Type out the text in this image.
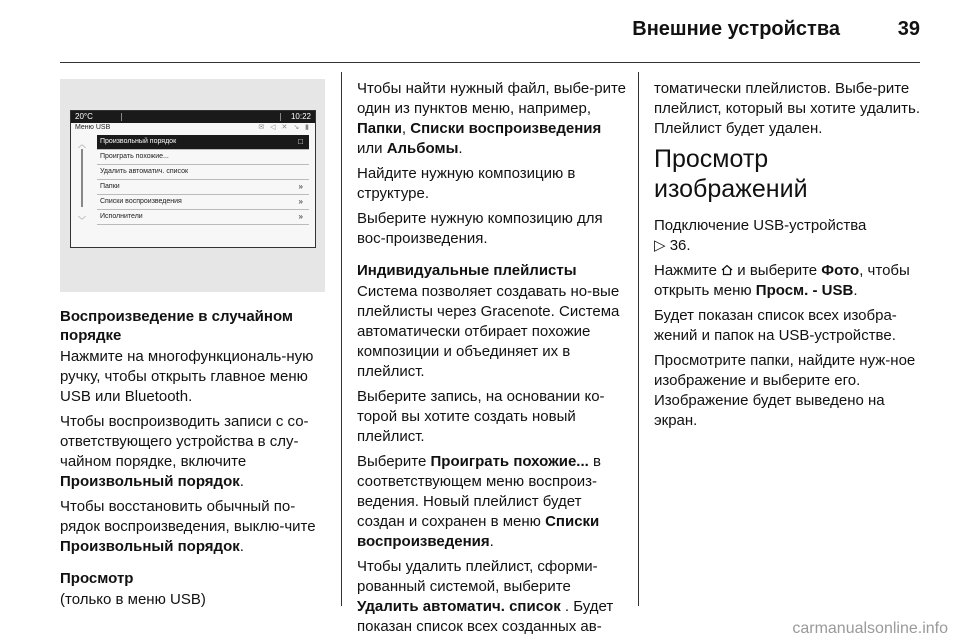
Внешние устройства	39
20°C	10:22
Меню USB	✉ ◁ ✕ ↘ ▮
︿
﹀
Произвольный порядок	□
Проиграть похожие...
Удалить автоматич. список
Папки	»
Списки воспроизведения	»
Исполнители	»
Воспроизведение в случайном порядке

Нажмите на многофункциональ-ную ручку, чтобы открыть главное меню USB или Bluetooth.

Чтобы воспроизводить записи с со-ответствующего устройства в слу-чайном порядке, включите Произвольный порядок.

Чтобы восстановить обычный по-рядок воспроизведения, выклю-чите Произвольный порядок.

Просмотр

(только в меню USB)

Чтобы найти нужный файл, выбе-рите один из пунктов меню, например, Папки, Списки воспроизведения или Альбомы.

Найдите нужную композицию в структуре.

Выберите нужную композицию для вос-произведения.

Индивидуальные плейлисты

Система позволяет создавать но-вые плейлисты через Gracenote. Система автоматически отбирает похожие композиции и объединяет их в плейлист.

Выберите запись, на основании ко-торой вы хотите создать новый плейлист.

Выберите Проиграть похожие... в соответствующем меню воспроиз-ведения. Новый плейлист будет создан и сохранен в меню Списки воспроизведения.

Чтобы удалить плейлист, сформи-рованный системой, выберите Удалить автоматич. список . Будет показан список всех созданных ав-

томатически плейлистов. Выбе-рите плейлист, который вы хотите удалить. Плейлист будет удален.

Просмотр изображений

Подключение USB-устройства
▷ 36.

Нажмите и выберите Фото, чтобы открыть меню Просм. - USB.

Будет показан список всех изобра-жений и папок на USB-устройстве.

Просмотрите папки, найдите нуж-ное изображение и выберите его. Изображение будет выведено на экран.

carmanualsonline.info
